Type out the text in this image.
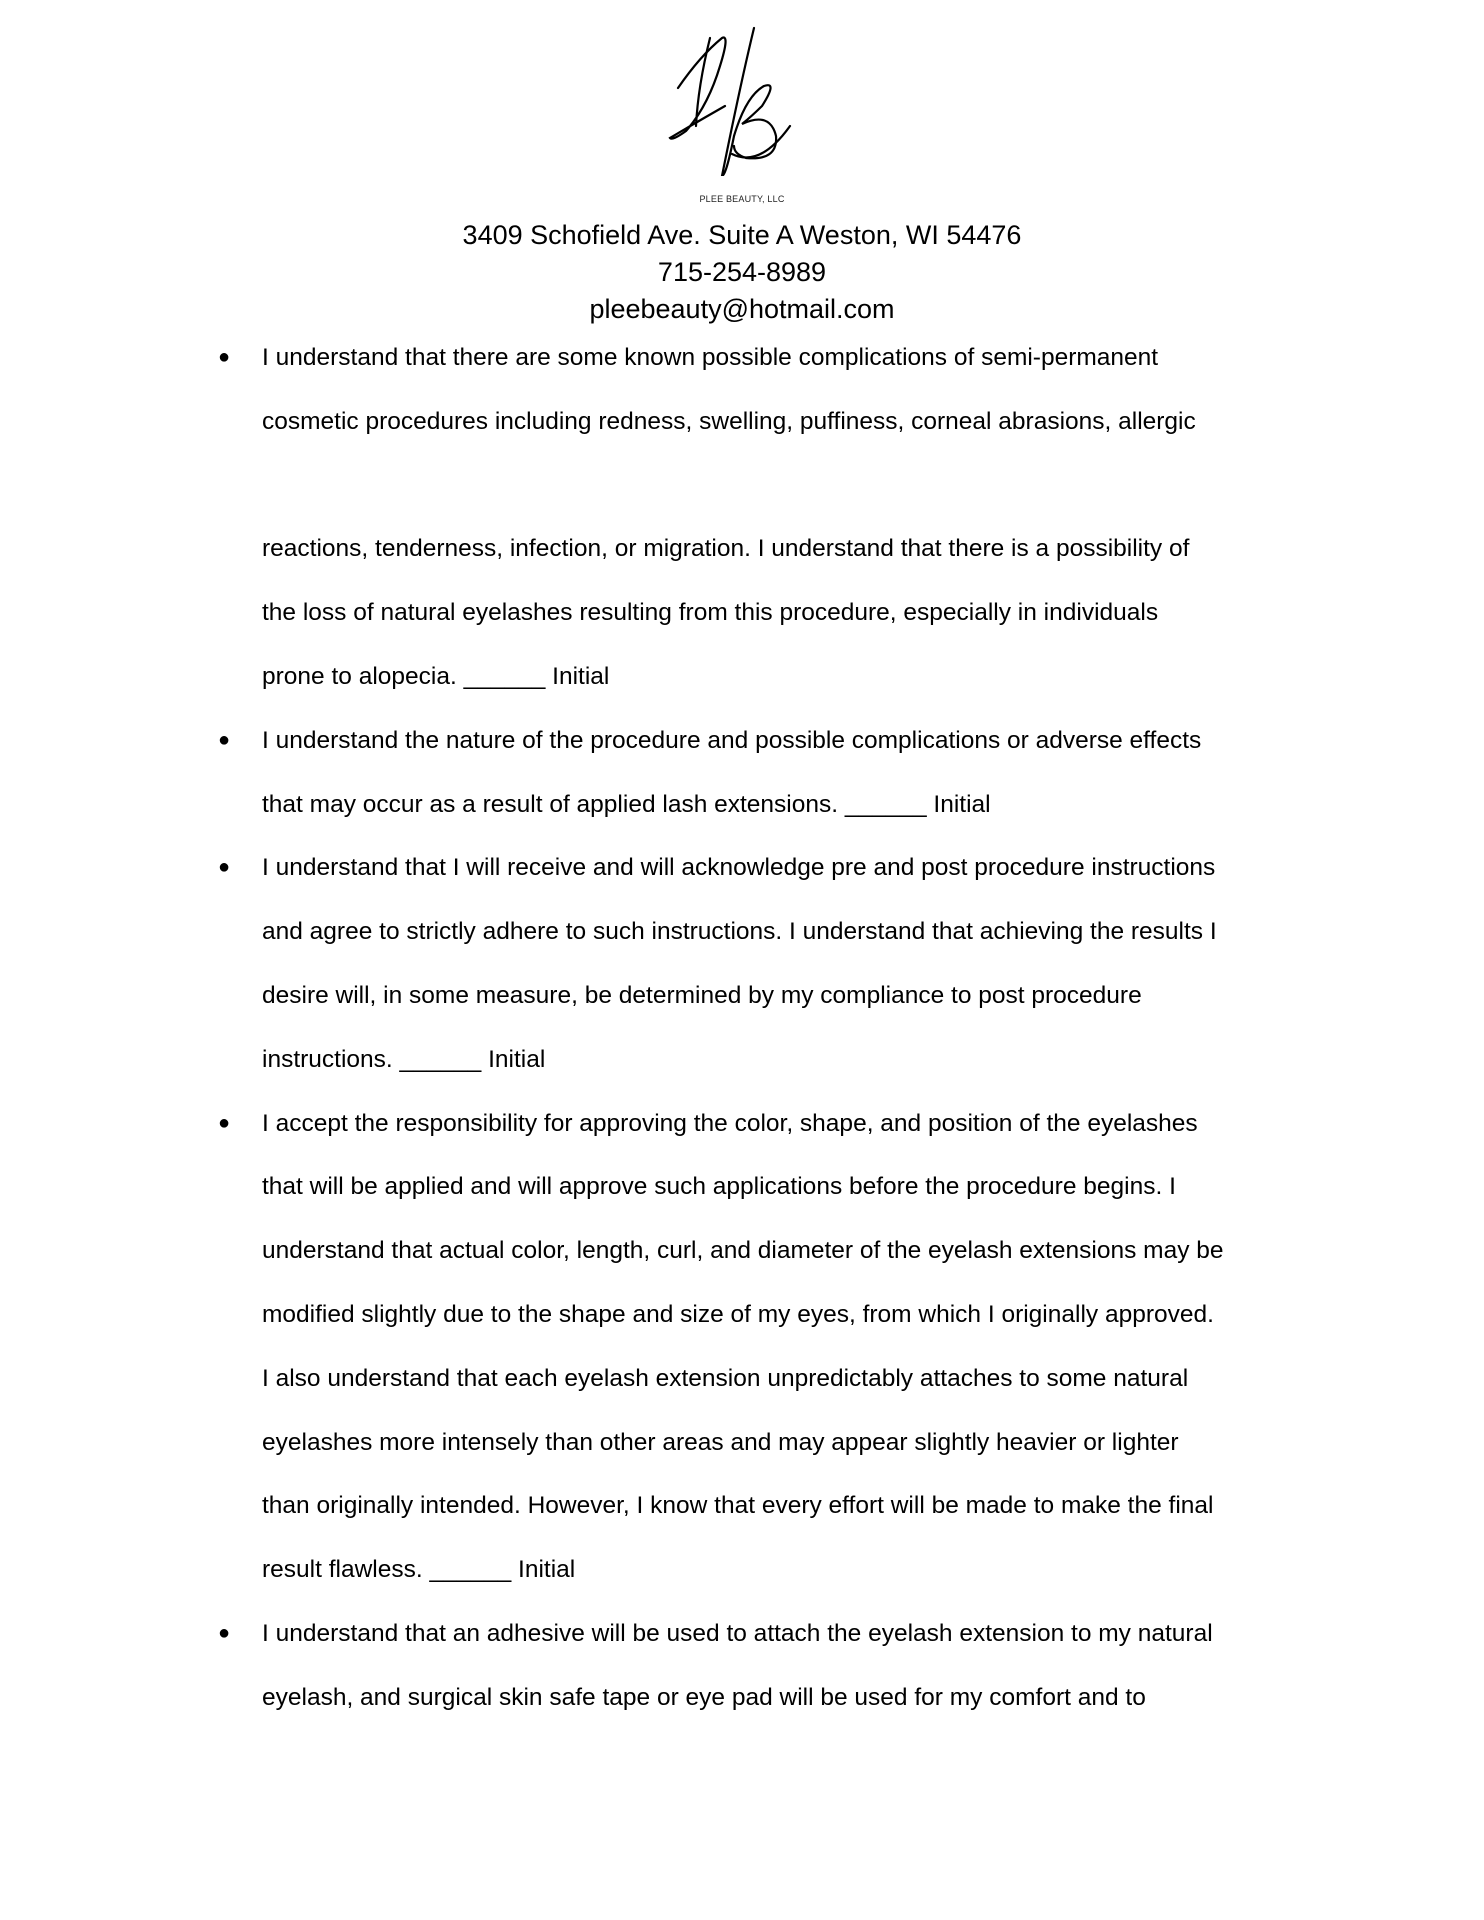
PLEE BEAUTY, LLC
3409 Schofield Ave. Suite A Weston, WI 54476
715-254-8989
pleebeauty@hotmail.com
● I understand that there are some known possible complications of semi-permanent
cosmetic procedures including redness, swelling, puffiness, corneal abrasions, allergic
reactions, tenderness, infection, or migration. I understand that there is a possibility of
the loss of natural eyelashes resulting from this procedure, especially in individuals
prone to alopecia. ______ Initial
● I understand the nature of the procedure and possible complications or adverse effects
that may occur as a result of applied lash extensions. ______ Initial
● I understand that I will receive and will acknowledge pre and post procedure instructions
and agree to strictly adhere to such instructions. I understand that achieving the results I
desire will, in some measure, be determined by my compliance to post procedure
instructions. ______ Initial
● I accept the responsibility for approving the color, shape, and position of the eyelashes
that will be applied and will approve such applications before the procedure begins. I
understand that actual color, length, curl, and diameter of the eyelash extensions may be
modified slightly due to the shape and size of my eyes, from which I originally approved.
I also understand that each eyelash extension unpredictably attaches to some natural
eyelashes more intensely than other areas and may appear slightly heavier or lighter
than originally intended. However, I know that every effort will be made to make the final
result flawless. ______ Initial
● I understand that an adhesive will be used to attach the eyelash extension to my natural
eyelash, and surgical skin safe tape or eye pad will be used for my comfort and to
